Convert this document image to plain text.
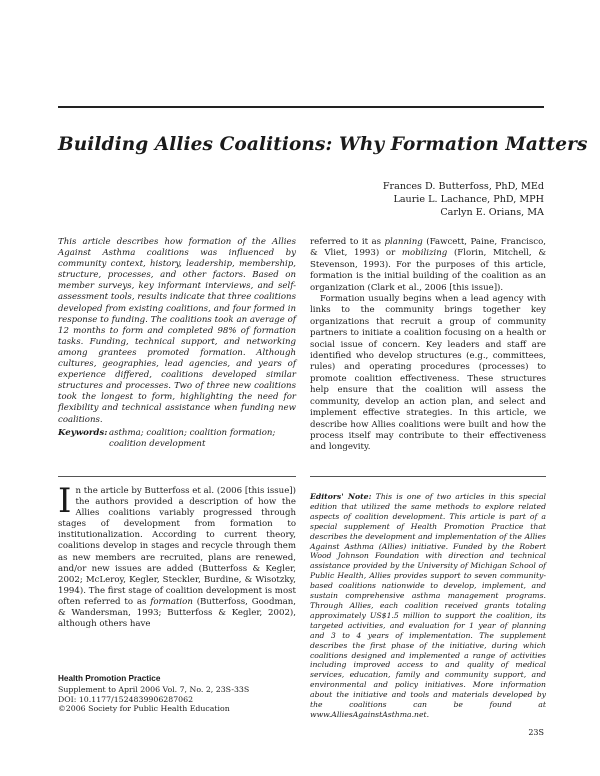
Building Allies Coalitions: Why Formation Matters
Frances D. Butterfoss, PhD, MEd
Laurie L. Lachance, PhD, MPH
Carlyn E. Orians, MA

This article describes how formation of the Allies Against Asthma coalitions was influenced by community context, history, leadership, membership, structure, processes, and other factors. Based on member surveys, key informant interviews, and self-assessment tools, results indicate that three coalitions developed from existing coalitions, and four formed in response to funding. The coalitions took an average of 12 months to form and completed 98% of formation tasks. Funding, technical support, and networking among grantees promoted formation. Although cultures, geographies, lead agencies, and years of experience differed, coalitions developed similar structures and processes. Two of three new coalitions took the longest to form, highlighting the need for flexibility and technical assistance when funding new coalitions.

Keywords: asthma; coalition; coalition formation; coalition development

referred to it as planning (Fawcett, Paine, Francisco, & Vliet, 1993) or mobilizing (Florin, Mitchell, & Stevenson, 1993). For the purposes of this article, formation is the initial building of the coalition as an organization (Clark et al., 2006 [this issue]).

Formation usually begins when a lead agency with links to the community brings together key organizations that recruit a group of community partners to initiate a coalition focusing on a health or social issue of concern. Key leaders and staff are identified who develop structures (e.g., committees, rules) and operating procedures (processes) to promote coalition effectiveness. These structures help ensure that the coalition will assess the community, develop an action plan, and select and implement effective strategies. In this article, we describe how Allies coalitions were built and how the process itself may contribute to their effectiveness and longevity.

In the article by Butterfoss et al. (2006 [this issue]) the authors provided a description of how the Allies coalitions variably progressed through stages of development from formation to institutionalization. According to current theory, coalitions develop in stages and recycle through them as new members are recruited, plans are renewed, and/or new issues are added (Butterfoss & Kegler, 2002; McLeroy, Kegler, Steckler, Burdine, & Wisotzky, 1994). The first stage of coalition development is most often referred to as formation (Butterfoss, Goodman, & Wandersman, 1993; Butterfoss & Kegler, 2002), although others have

Health Promotion Practice
Supplement to April 2006 Vol. 7, No. 2, 23S-33S
DOI: 10.1177/1524839906287062
©2006 Society for Public Health Education
Editors' Note: This is one of two articles in this special edition that utilized the same methods to explore related aspects of coalition development. This article is part of a special supplement of Health Promotion Practice that describes the development and implementation of the Allies Against Asthma (Allies) initiative. Funded by the Robert Wood Johnson Foundation with direction and technical assistance provided by the University of Michigan School of Public Health, Allies provides support to seven community-based coalitions nationwide to develop, implement, and sustain comprehensive asthma management programs. Through Allies, each coalition received grants totaling approximately US$1.5 million to support the coalition, its targeted activities, and evaluation for 1 year of planning and 3 to 4 years of implementation. The supplement describes the first phase of the initiative, during which coalitions designed and implemented a range of activities including improved access to and quality of medical services, education, family and community support, and environmental and policy initiatives. More information about the initiative and tools and materials developed by the coalitions can be found at www.AlliesAgainstAsthma.net.
23S
